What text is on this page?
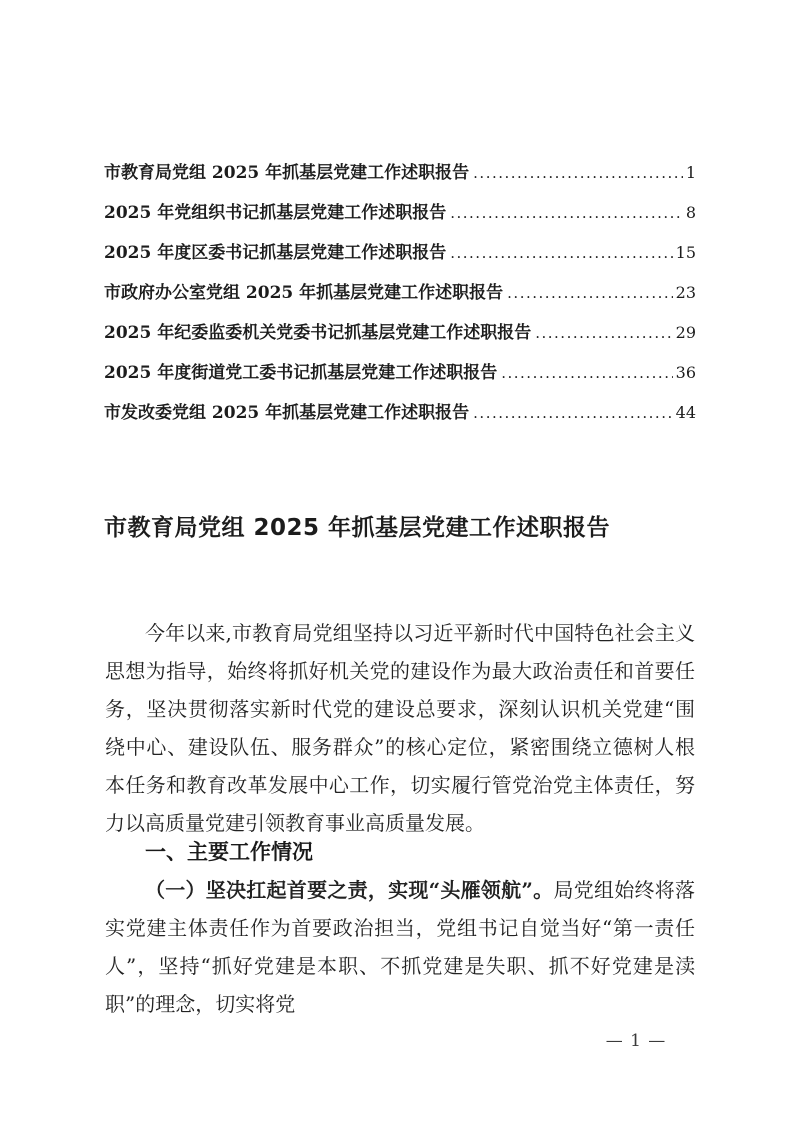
市教育局党组 2025 年抓基层党建工作述职报告 .....	1
2025 年党组织书记抓基层党建工作述职报告 .....	8
2025 年度区委书记抓基层党建工作述职报告 .....	15
市政府办公室党组 2025 年抓基层党建工作述职报告 .....	23
2025 年纪委监委机关党委书记抓基层党建工作述职报告 .....	29
2025 年度街道党工委书记抓基层党建工作述职报告 .....	36
市发改委党组 2025 年抓基层党建工作述职报告 .....	44
市教育局党组 2025 年抓基层党建工作述职报告

今年以来,市教育局党组坚持以习近平新时代中国特色社会主义思想为指导，始终将抓好机关党的建设作为最大政治责任和首要任务，坚决贯彻落实新时代党的建设总要求，深刻认识机关党建“围绕中心、建设队伍、服务群众”的核心定位，紧密围绕立德树人根本任务和教育改革发展中心工作，切实履行管党治党主体责任，努力以高质量党建引领教育事业高质量发展。

一、主要工作情况

（一）坚决扛起首要之责，实现“头雁领航”。局党组始终将落实党建主体责任作为首要政治担当，党组书记自觉当好“第一责任人”，坚持“抓好党建是本职、不抓党建是失职、抓不好党建是渎职”的理念，切实将党

— 1 —
